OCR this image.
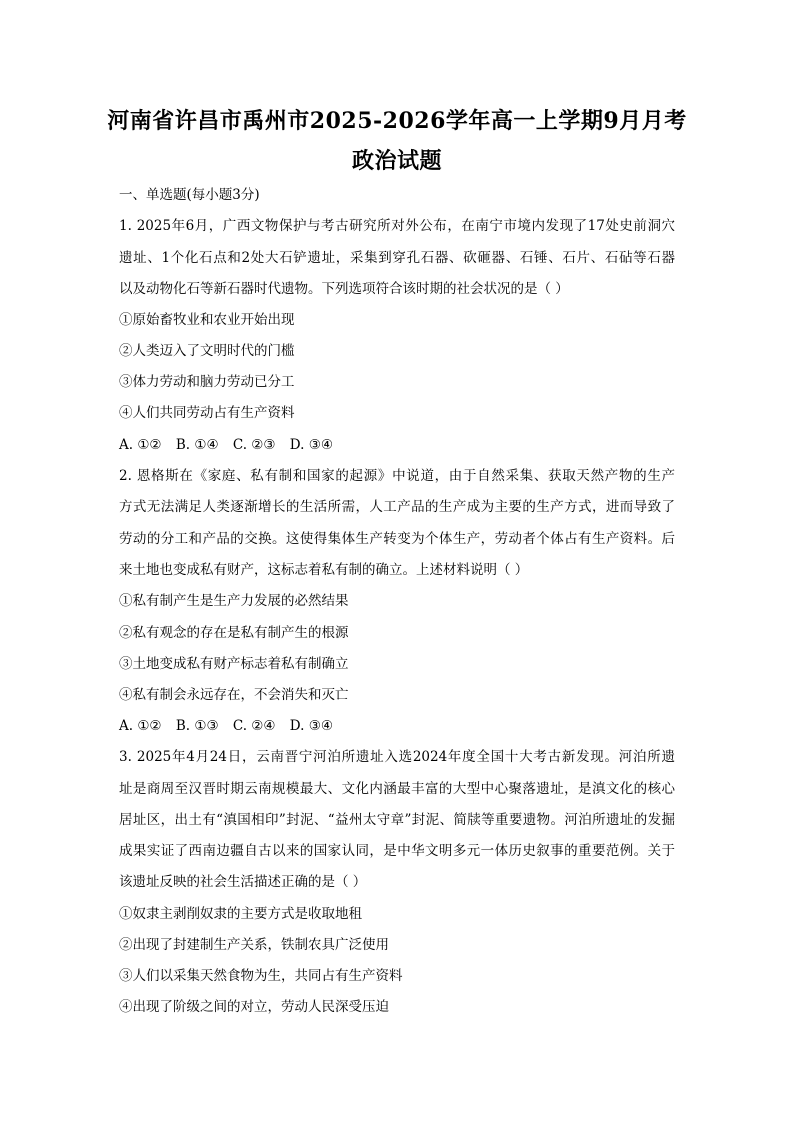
河南省许昌市禹州市2025-2026学年高一上学期9月月考
政治试题
一、单选题(每小题3分)
1. 2025年6月，广西文物保护与考古研究所对外公布，在南宁市境内发现了17处史前洞穴
遗址、1个化石点和2处大石铲遗址，采集到穿孔石器、砍砸器、石锤、石片、石砧等石器
以及动物化石等新石器时代遗物。下列选项符合该时期的社会状况的是（ ）
①原始畜牧业和农业开始出现
②人类迈入了文明时代的门槛
③体力劳动和脑力劳动已分工
④人们共同劳动占有生产资料
A. ①② B. ①④ C. ②③ D. ③④
2. 恩格斯在《家庭、私有制和国家的起源》中说道，由于自然采集、获取天然产物的生产
方式无法满足人类逐渐增长的生活所需，人工产品的生产成为主要的生产方式，进而导致了
劳动的分工和产品的交换。这使得集体生产转变为个体生产，劳动者个体占有生产资料。后
来土地也变成私有财产，这标志着私有制的确立。上述材料说明（ ）
①私有制产生是生产力发展的必然结果
②私有观念的存在是私有制产生的根源
③土地变成私有财产标志着私有制确立
④私有制会永远存在，不会消失和灭亡
A. ①② B. ①③ C. ②④ D. ③④
3. 2025年4月24日，云南晋宁河泊所遗址入选2024年度全国十大考古新发现。河泊所遗
址是商周至汉晋时期云南规模最大、文化内涵最丰富的大型中心聚落遗址，是滇文化的核心
居址区，出土有“滇国相印”封泥、“益州太守章”封泥、简牍等重要遗物。河泊所遗址的发掘
成果实证了西南边疆自古以来的国家认同，是中华文明多元一体历史叙事的重要范例。关于
该遗址反映的社会生活描述正确的是（ ）
①奴隶主剥削奴隶的主要方式是收取地租
②出现了封建制生产关系，铁制农具广泛使用
③人们以采集天然食物为生，共同占有生产资料
④出现了阶级之间的对立，劳动人民深受压迫
